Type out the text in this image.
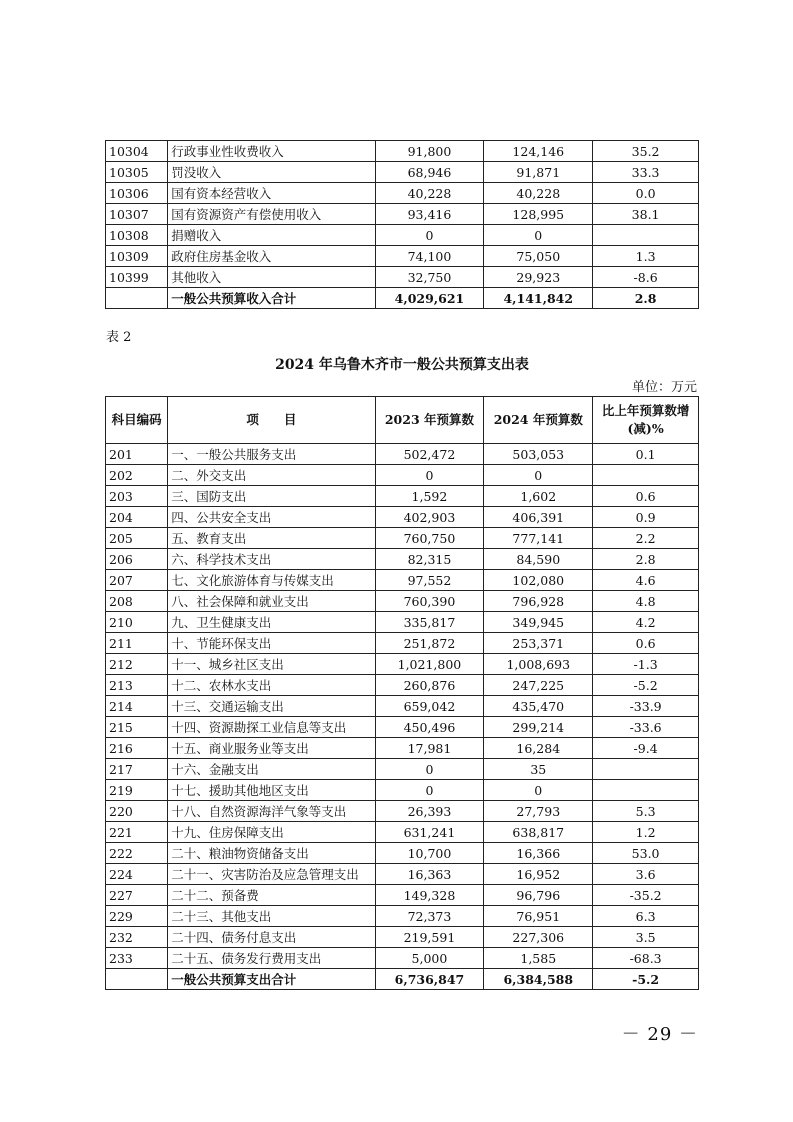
10304	行政事业性收费收入	91,800	124,146	35.2
10305	罚没收入	68,946	91,871	33.3
10306	国有资本经营收入	40,228	40,228	0.0
10307	国有资源资产有偿使用收入	93,416	128,995	38.1
10308	捐赠收入	0	0	
10309	政府住房基金收入	74,100	75,050	1.3
10399	其他收入	32,750	29,923	-8.6
	一般公共预算收入合计	4,029,621	4,141,842	2.8
表 2
2024 年乌鲁木齐市一般公共预算支出表
单位：万元
科目编码	项　　目	2023 年预算数	2024 年预算数	比上年预算数增(减)%
201	一、一般公共服务支出	502,472	503,053	0.1
202	二、外交支出	0	0	
203	三、国防支出	1,592	1,602	0.6
204	四、公共安全支出	402,903	406,391	0.9
205	五、教育支出	760,750	777,141	2.2
206	六、科学技术支出	82,315	84,590	2.8
207	七、文化旅游体育与传媒支出	97,552	102,080	4.6
208	八、社会保障和就业支出	760,390	796,928	4.8
210	九、卫生健康支出	335,817	349,945	4.2
211	十、节能环保支出	251,872	253,371	0.6
212	十一、城乡社区支出	1,021,800	1,008,693	-1.3
213	十二、农林水支出	260,876	247,225	-5.2
214	十三、交通运输支出	659,042	435,470	-33.9
215	十四、资源勘探工业信息等支出	450,496	299,214	-33.6
216	十五、商业服务业等支出	17,981	16,284	-9.4
217	十六、金融支出	0	35	
219	十七、援助其他地区支出	0	0	
220	十八、自然资源海洋气象等支出	26,393	27,793	5.3
221	十九、住房保障支出	631,241	638,817	1.2
222	二十、粮油物资储备支出	10,700	16,366	53.0
224	二十一、灾害防治及应急管理支出	16,363	16,952	3.6
227	二十二、预备费	149,328	96,796	-35.2
229	二十三、其他支出	72,373	76,951	6.3
232	二十四、债务付息支出	219,591	227,306	3.5
233	二十五、债务发行费用支出	5,000	1,585	-68.3
	一般公共预算支出合计	6,736,847	6,384,588	-5.2
－ 29 －
